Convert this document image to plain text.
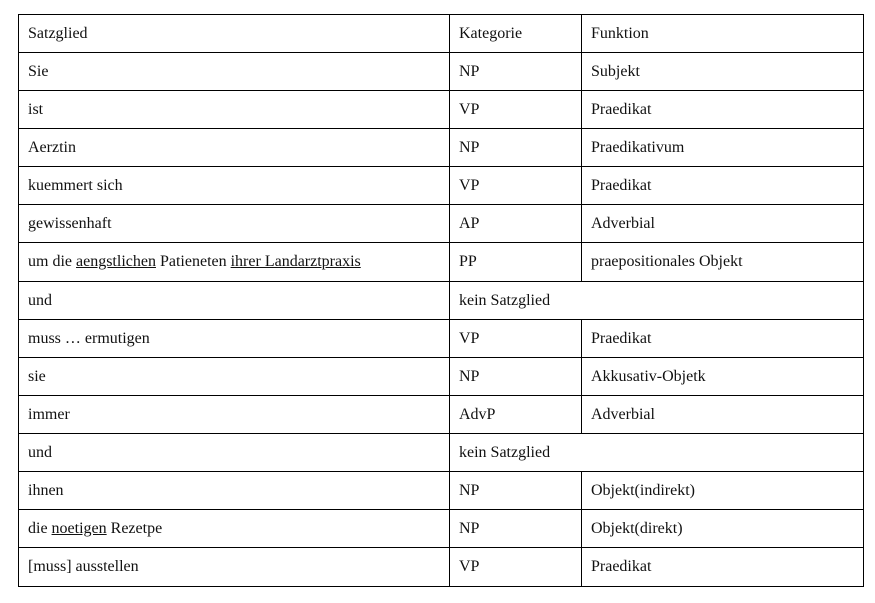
Satzglied	Kategorie	Funktion
Sie	NP	Subjekt
ist	VP	Praedikat
Aerztin	NP	Praedikativum
kuemmert sich	VP	Praedikat
gewissenhaft	AP	Adverbial
um die aengstlichen Patieneten ihrer Landarztpraxis	PP	praepositionales Objekt
und	kein Satzglied	
muss … ermutigen	VP	Praedikat
sie	NP	Akkusativ-Objetk
immer	AdvP	Adverbial
und	kein Satzglied	
ihnen	NP	Objekt(indirekt)
die noetigen Rezetpe	NP	Objekt(direkt)
[muss] ausstellen	VP	Praedikat
